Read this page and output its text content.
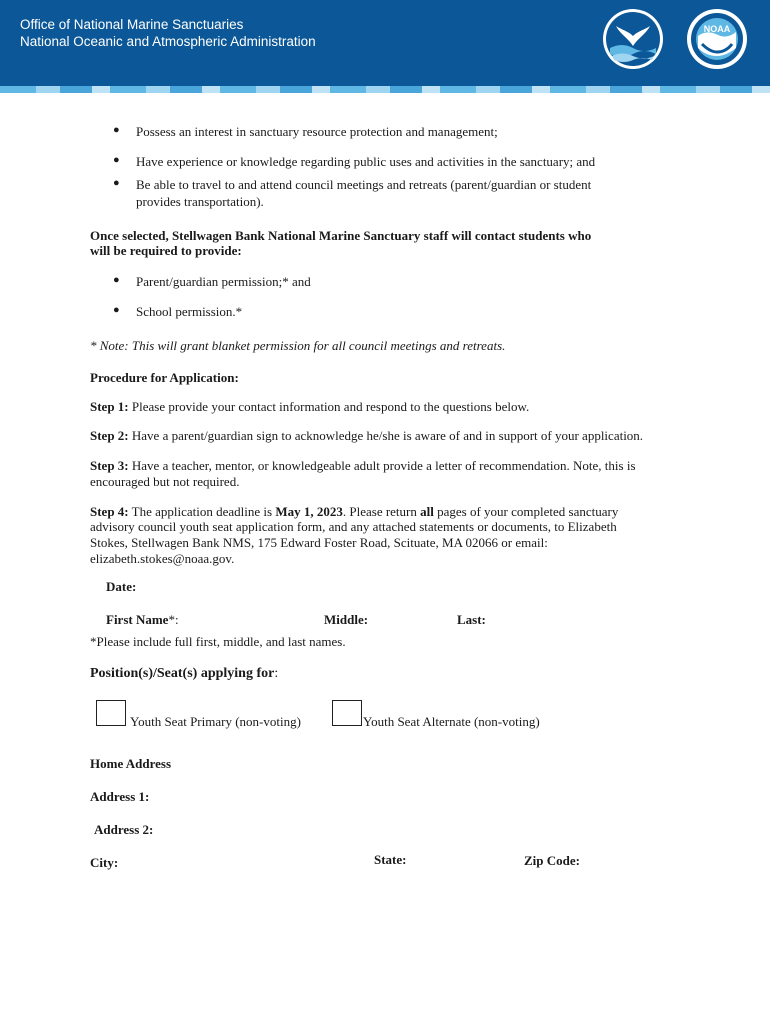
Office of National Marine Sanctuaries
National Oceanic and Atmospheric Administration
NOAA
● Possess an interest in sanctuary resource protection and management;
● Have experience or knowledge regarding public uses and activities in the sanctuary; and
● Be able to travel to and attend council meetings and retreats (parent/guardian or student
provides transportation).
Once selected, Stellwagen Bank National Marine Sanctuary staff will contact students who
will be required to provide:
● Parent/guardian permission;* and
● School permission.*
* Note: This will grant blanket permission for all council meetings and retreats.
Procedure for Application:
Step 1: Please provide your contact information and respond to the questions below.
Step 2: Have a parent/guardian sign to acknowledge he/she is aware of and in support of your application.
Step 3: Have a teacher, mentor, or knowledgeable adult provide a letter of recommendation. Note, this is
encouraged but not required.
Step 4: The application deadline is May 1, 2023. Please return all pages of your completed sanctuary
advisory council youth seat application form, and any attached statements or documents, to Elizabeth
Stokes, Stellwagen Bank NMS, 175 Edward Foster Road, Scituate, MA 02066 or email:
elizabeth.stokes@noaa.gov.
Date:
First Name*:	Middle:	Last:
*Please include full first, middle, and last names.
Position(s)/Seat(s) applying for:
Youth Seat Primary (non-voting)	Youth Seat Alternate (non-voting)
Home Address
Address 1:
Address 2:
City:	State:	Zip Code:
